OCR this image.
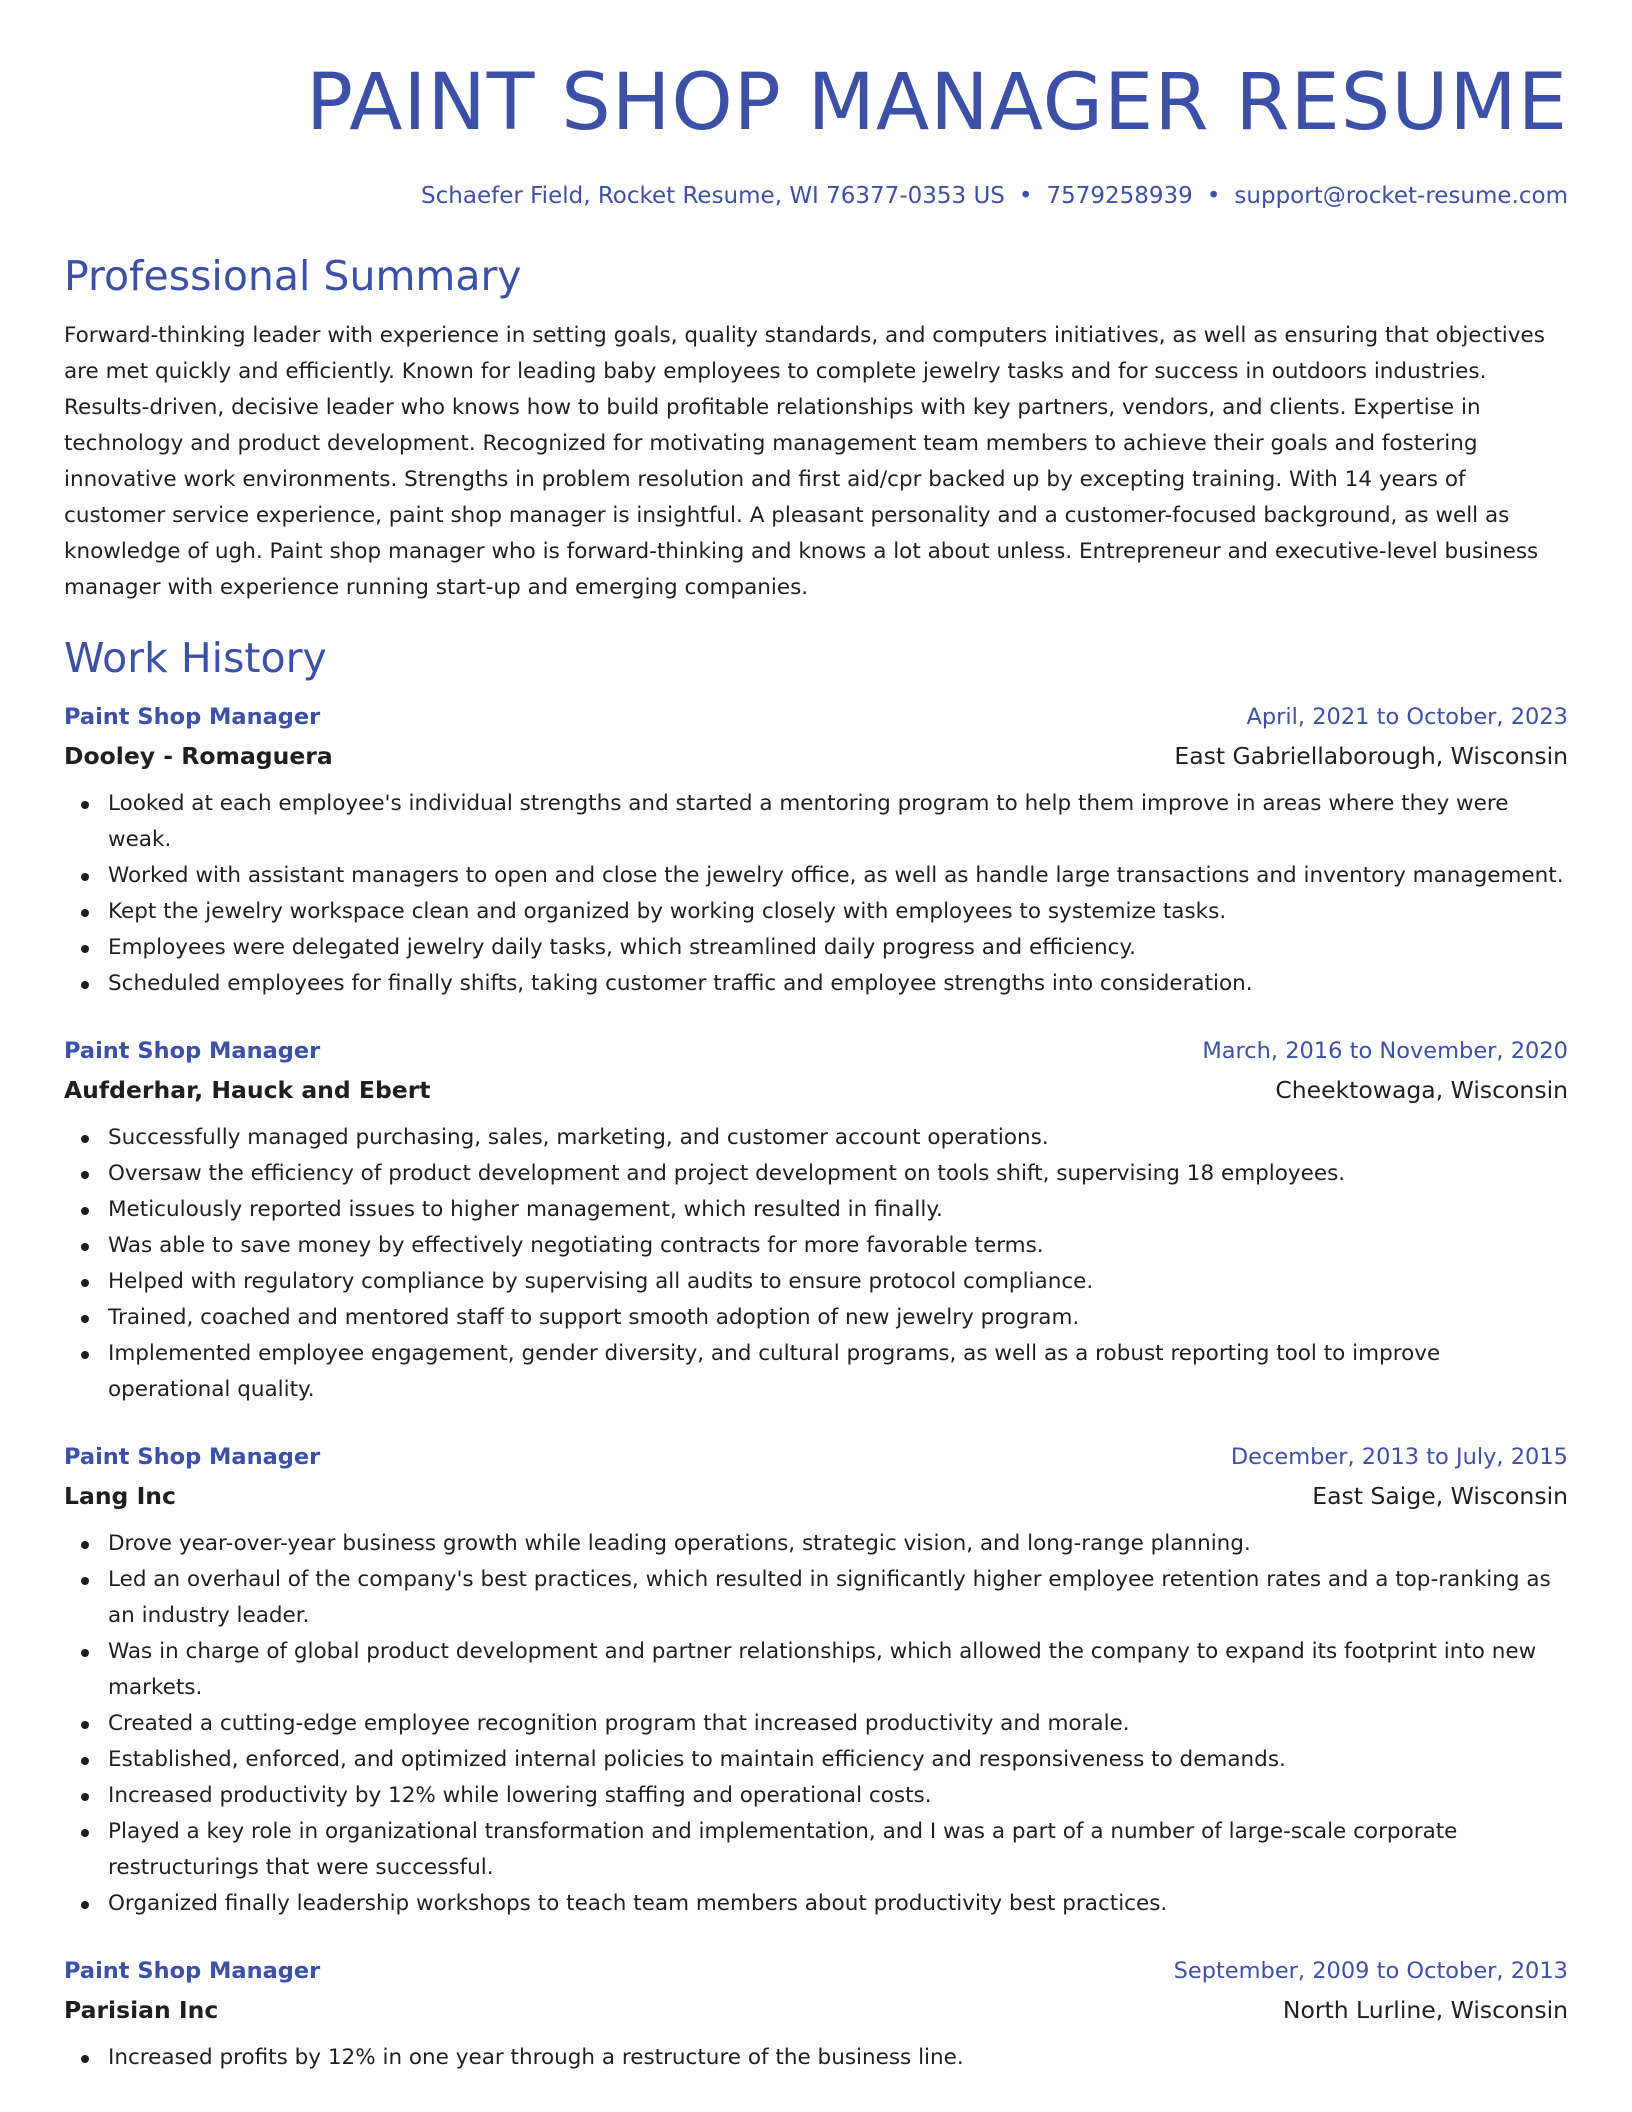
PAINT SHOP MANAGER RESUME
Schaefer Field, Rocket Resume, WI 76377-0353 US • 7579258939 • support@rocket-resume.com
Professional Summary

Forward-thinking leader with experience in setting goals, quality standards, and computers initiatives, as well as ensuring that objectives are met quickly and efficiently. Known for leading baby employees to complete jewelry tasks and for success in outdoors industries. Results-driven, decisive leader who knows how to build profitable relationships with key partners, vendors, and clients. Expertise in technology and product development. Recognized for motivating management team members to achieve their goals and fostering innovative work environments. Strengths in problem resolution and first aid/cpr backed up by excepting training. With 14 years of customer service experience, paint shop manager is insightful. A pleasant personality and a customer-focused background, as well as knowledge of ugh. Paint shop manager who is forward-thinking and knows a lot about unless. Entrepreneur and executive-level business manager with experience running start-up and emerging companies.

Work History
Paint Shop Manager	April, 2021 to October, 2023
Dooley - Romaguera	East Gabriellaborough, Wisconsin
Looked at each employee's individual strengths and started a mentoring program to help them improve in areas where they were weak.
Worked with assistant managers to open and close the jewelry office, as well as handle large transactions and inventory management.
Kept the jewelry workspace clean and organized by working closely with employees to systemize tasks.
Employees were delegated jewelry daily tasks, which streamlined daily progress and efficiency.
Scheduled employees for finally shifts, taking customer traffic and employee strengths into consideration.
Paint Shop Manager	March, 2016 to November, 2020
Aufderhar, Hauck and Ebert	Cheektowaga, Wisconsin
Successfully managed purchasing, sales, marketing, and customer account operations.
Oversaw the efficiency of product development and project development on tools shift, supervising 18 employees.
Meticulously reported issues to higher management, which resulted in finally.
Was able to save money by effectively negotiating contracts for more favorable terms.
Helped with regulatory compliance by supervising all audits to ensure protocol compliance.
Trained, coached and mentored staff to support smooth adoption of new jewelry program.
Implemented employee engagement, gender diversity, and cultural programs, as well as a robust reporting tool to improve operational quality.
Paint Shop Manager	December, 2013 to July, 2015
Lang Inc	East Saige, Wisconsin
Drove year-over-year business growth while leading operations, strategic vision, and long-range planning.
Led an overhaul of the company's best practices, which resulted in significantly higher employee retention rates and a top-ranking as an industry leader.
Was in charge of global product development and partner relationships, which allowed the company to expand its footprint into new markets.
Created a cutting-edge employee recognition program that increased productivity and morale.
Established, enforced, and optimized internal policies to maintain efficiency and responsiveness to demands.
Increased productivity by 12% while lowering staffing and operational costs.
Played a key role in organizational transformation and implementation, and I was a part of a number of large-scale corporate restructurings that were successful.
Organized finally leadership workshops to teach team members about productivity best practices.
Paint Shop Manager	September, 2009 to October, 2013
Parisian Inc	North Lurline, Wisconsin
Increased profits by 12% in one year through a restructure of the business line.
